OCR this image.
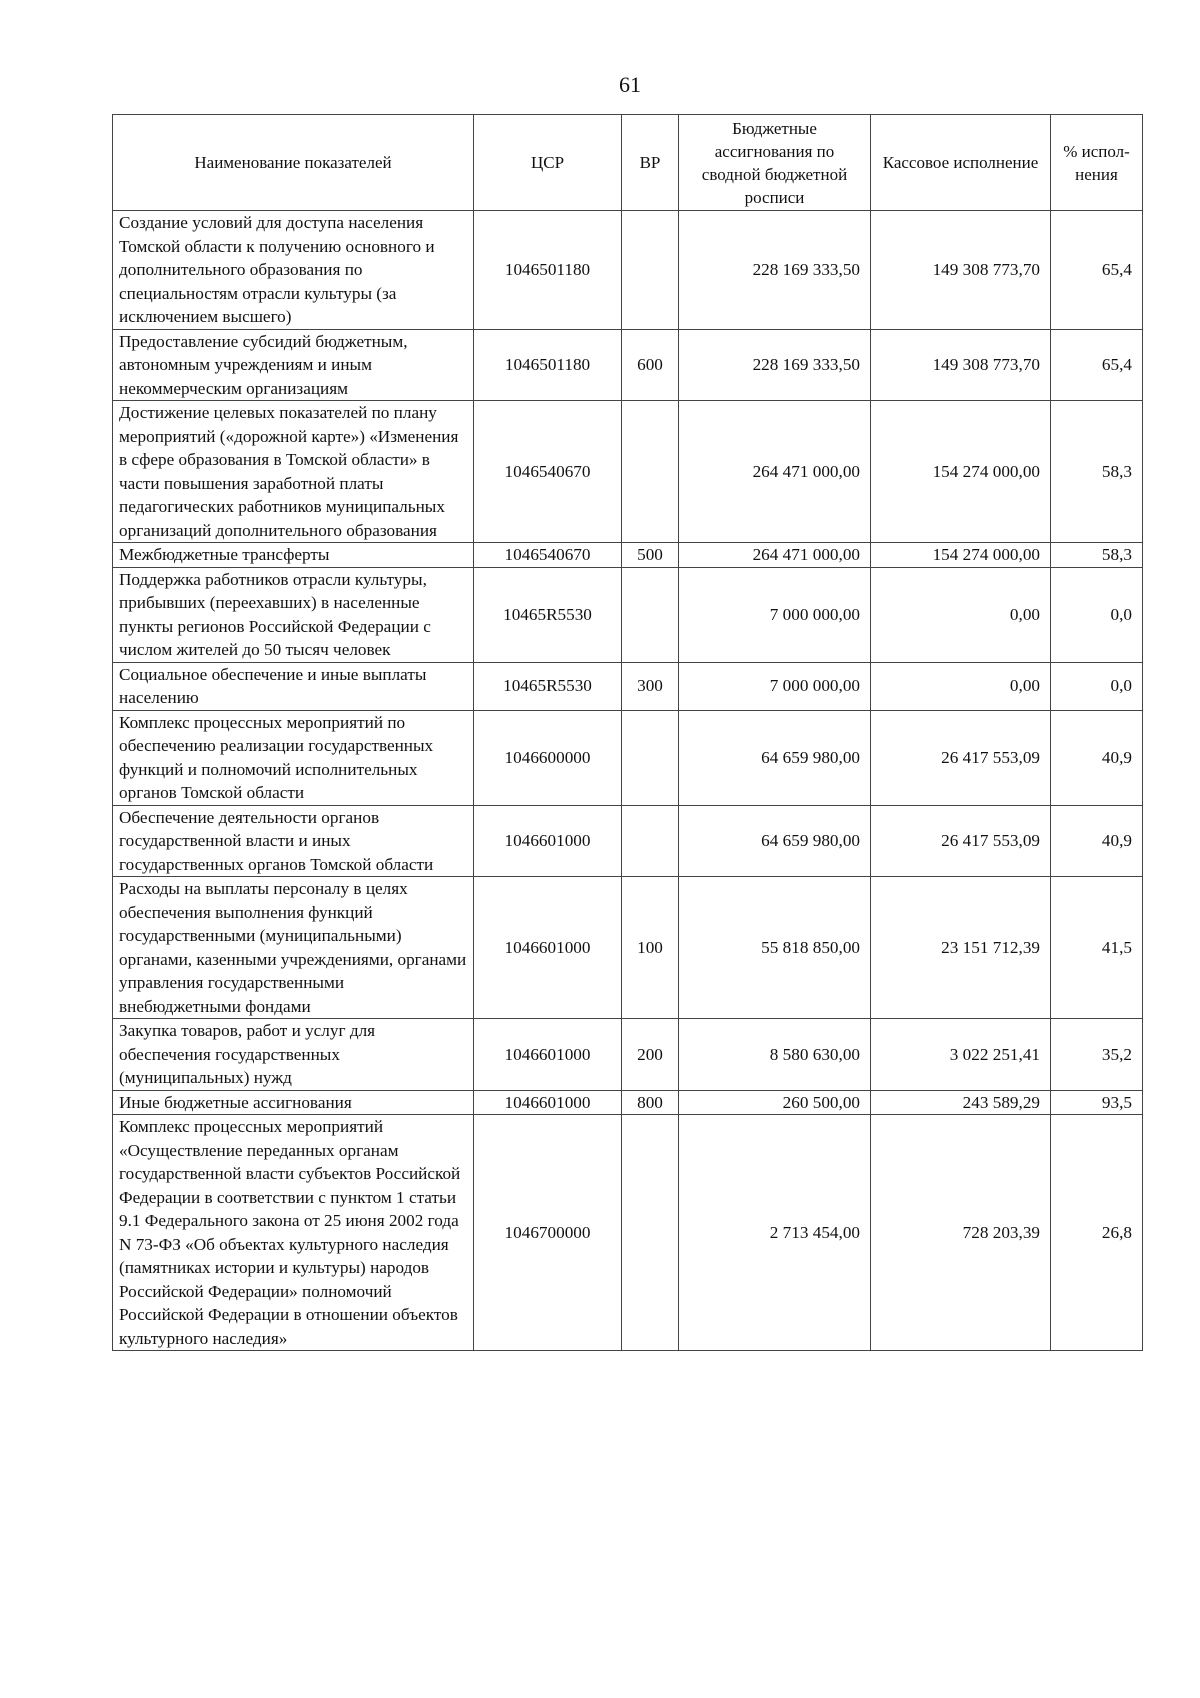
61
Наименование показателей	ЦСР	ВР	Бюджетные ассигнования по сводной бюджетной росписи	Кассовое исполнение	% испол-нения
Создание условий для доступа населения Томской области к получению основного и дополнительного образования по специальностям отрасли культуры (за исключением высшего)	1046501180		228 169 333,50	149 308 773,70	65,4
Предоставление субсидий бюджетным, автономным учреждениям и иным некоммерческим организациям	1046501180	600	228 169 333,50	149 308 773,70	65,4
Достижение целевых показателей по плану мероприятий («дорожной карте») «Изменения в сфере образования в Томской области» в части повышения заработной платы педагогических работников муниципальных организаций дополнительного образования	1046540670		264 471 000,00	154 274 000,00	58,3
Межбюджетные трансферты	1046540670	500	264 471 000,00	154 274 000,00	58,3
Поддержка работников отрасли культуры, прибывших (переехавших) в населенные пункты регионов Российской Федерации с числом жителей до 50 тысяч человек	10465R5530		7 000 000,00	0,00	0,0
Социальное обеспечение и иные выплаты населению	10465R5530	300	7 000 000,00	0,00	0,0
Комплекс процессных мероприятий по обеспечению реализации государственных функций и полномочий исполнительных органов Томской области	1046600000		64 659 980,00	26 417 553,09	40,9
Обеспечение деятельности органов государственной власти и иных государственных органов Томской области	1046601000		64 659 980,00	26 417 553,09	40,9
Расходы на выплаты персоналу в целях обеспечения выполнения функций государственными (муниципальными) органами, казенными учреждениями, органами управления государственными внебюджетными фондами	1046601000	100	55 818 850,00	23 151 712,39	41,5
Закупка товаров, работ и услуг для обеспечения государственных (муниципальных) нужд	1046601000	200	8 580 630,00	3 022 251,41	35,2
Иные бюджетные ассигнования	1046601000	800	260 500,00	243 589,29	93,5
Комплекс процессных мероприятий «Осуществление переданных органам государственной власти субъектов Российской Федерации в соответствии с пунктом 1 статьи 9.1 Федерального закона от 25 июня 2002 года N 73-ФЗ «Об объектах культурного наследия (памятниках истории и культуры) народов Российской Федерации» полномочий Российской Федерации в отношении объектов культурного наследия»	1046700000		2 713 454,00	728 203,39	26,8
